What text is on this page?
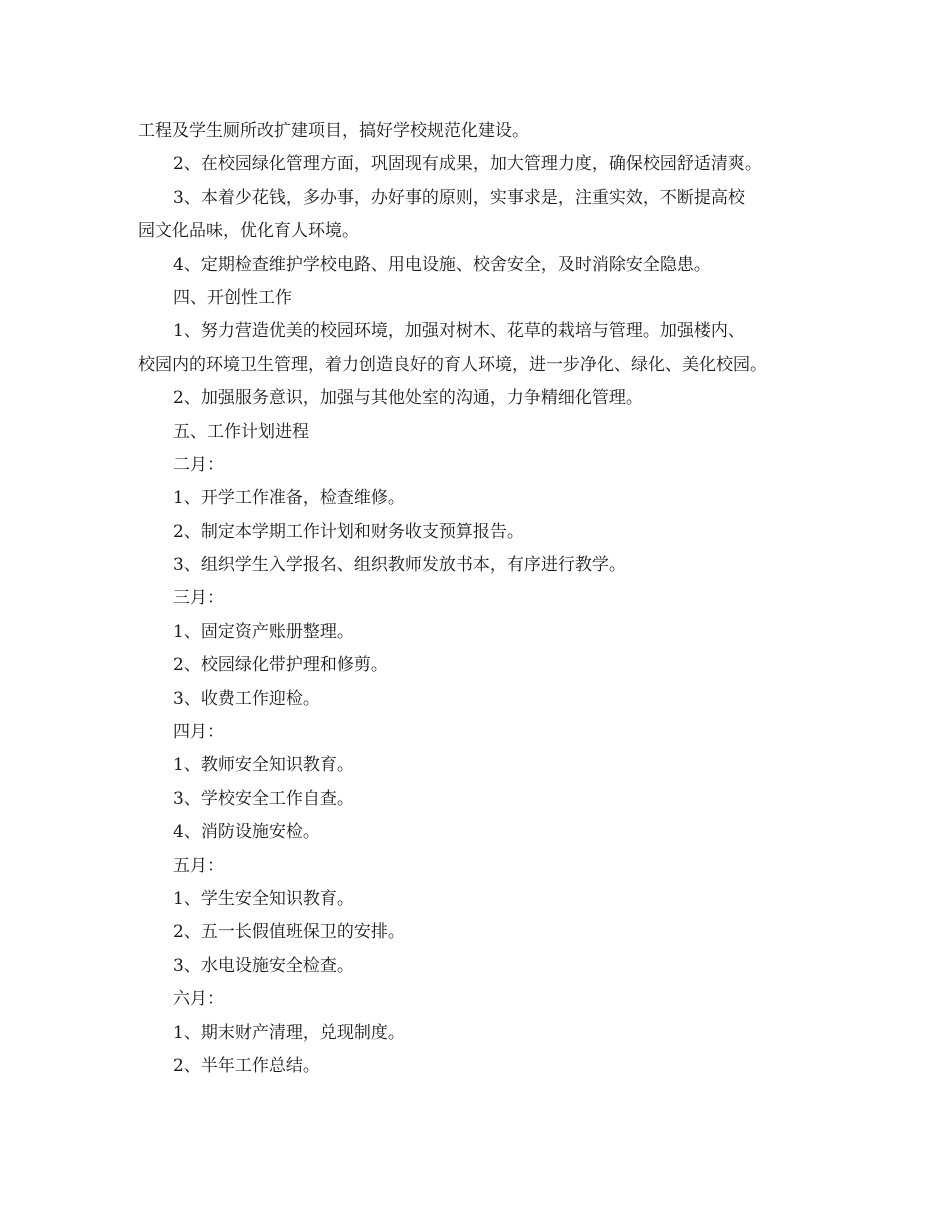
工程及学生厕所改扩建项目，搞好学校规范化建设。

2、在校园绿化管理方面，巩固现有成果，加大管理力度，确保校园舒适清爽。

3、本着少花钱，多办事，办好事的原则，实事求是，注重实效，不断提高校

园文化品味，优化育人环境。

4、定期检查维护学校电路、用电设施、校舍安全，及时消除安全隐患。

四、开创性工作

1、努力营造优美的校园环境，加强对树木、花草的栽培与管理。加强楼内、

校园内的环境卫生管理，着力创造良好的育人环境，进一步净化、绿化、美化校园。

2、加强服务意识，加强与其他处室的沟通，力争精细化管理。

五、工作计划进程

二月：

1、开学工作准备，检查维修。

2、制定本学期工作计划和财务收支预算报告。

3、组织学生入学报名、组织教师发放书本，有序进行教学。

三月：

1、固定资产账册整理。

2、校园绿化带护理和修剪。

3、收费工作迎检。

四月：

1、教师安全知识教育。

3、学校安全工作自查。

4、消防设施安检。

五月：

1、学生安全知识教育。

2、五一长假值班保卫的安排。

3、水电设施安全检查。

六月：

1、期末财产清理，兑现制度。

2、半年工作总结。
